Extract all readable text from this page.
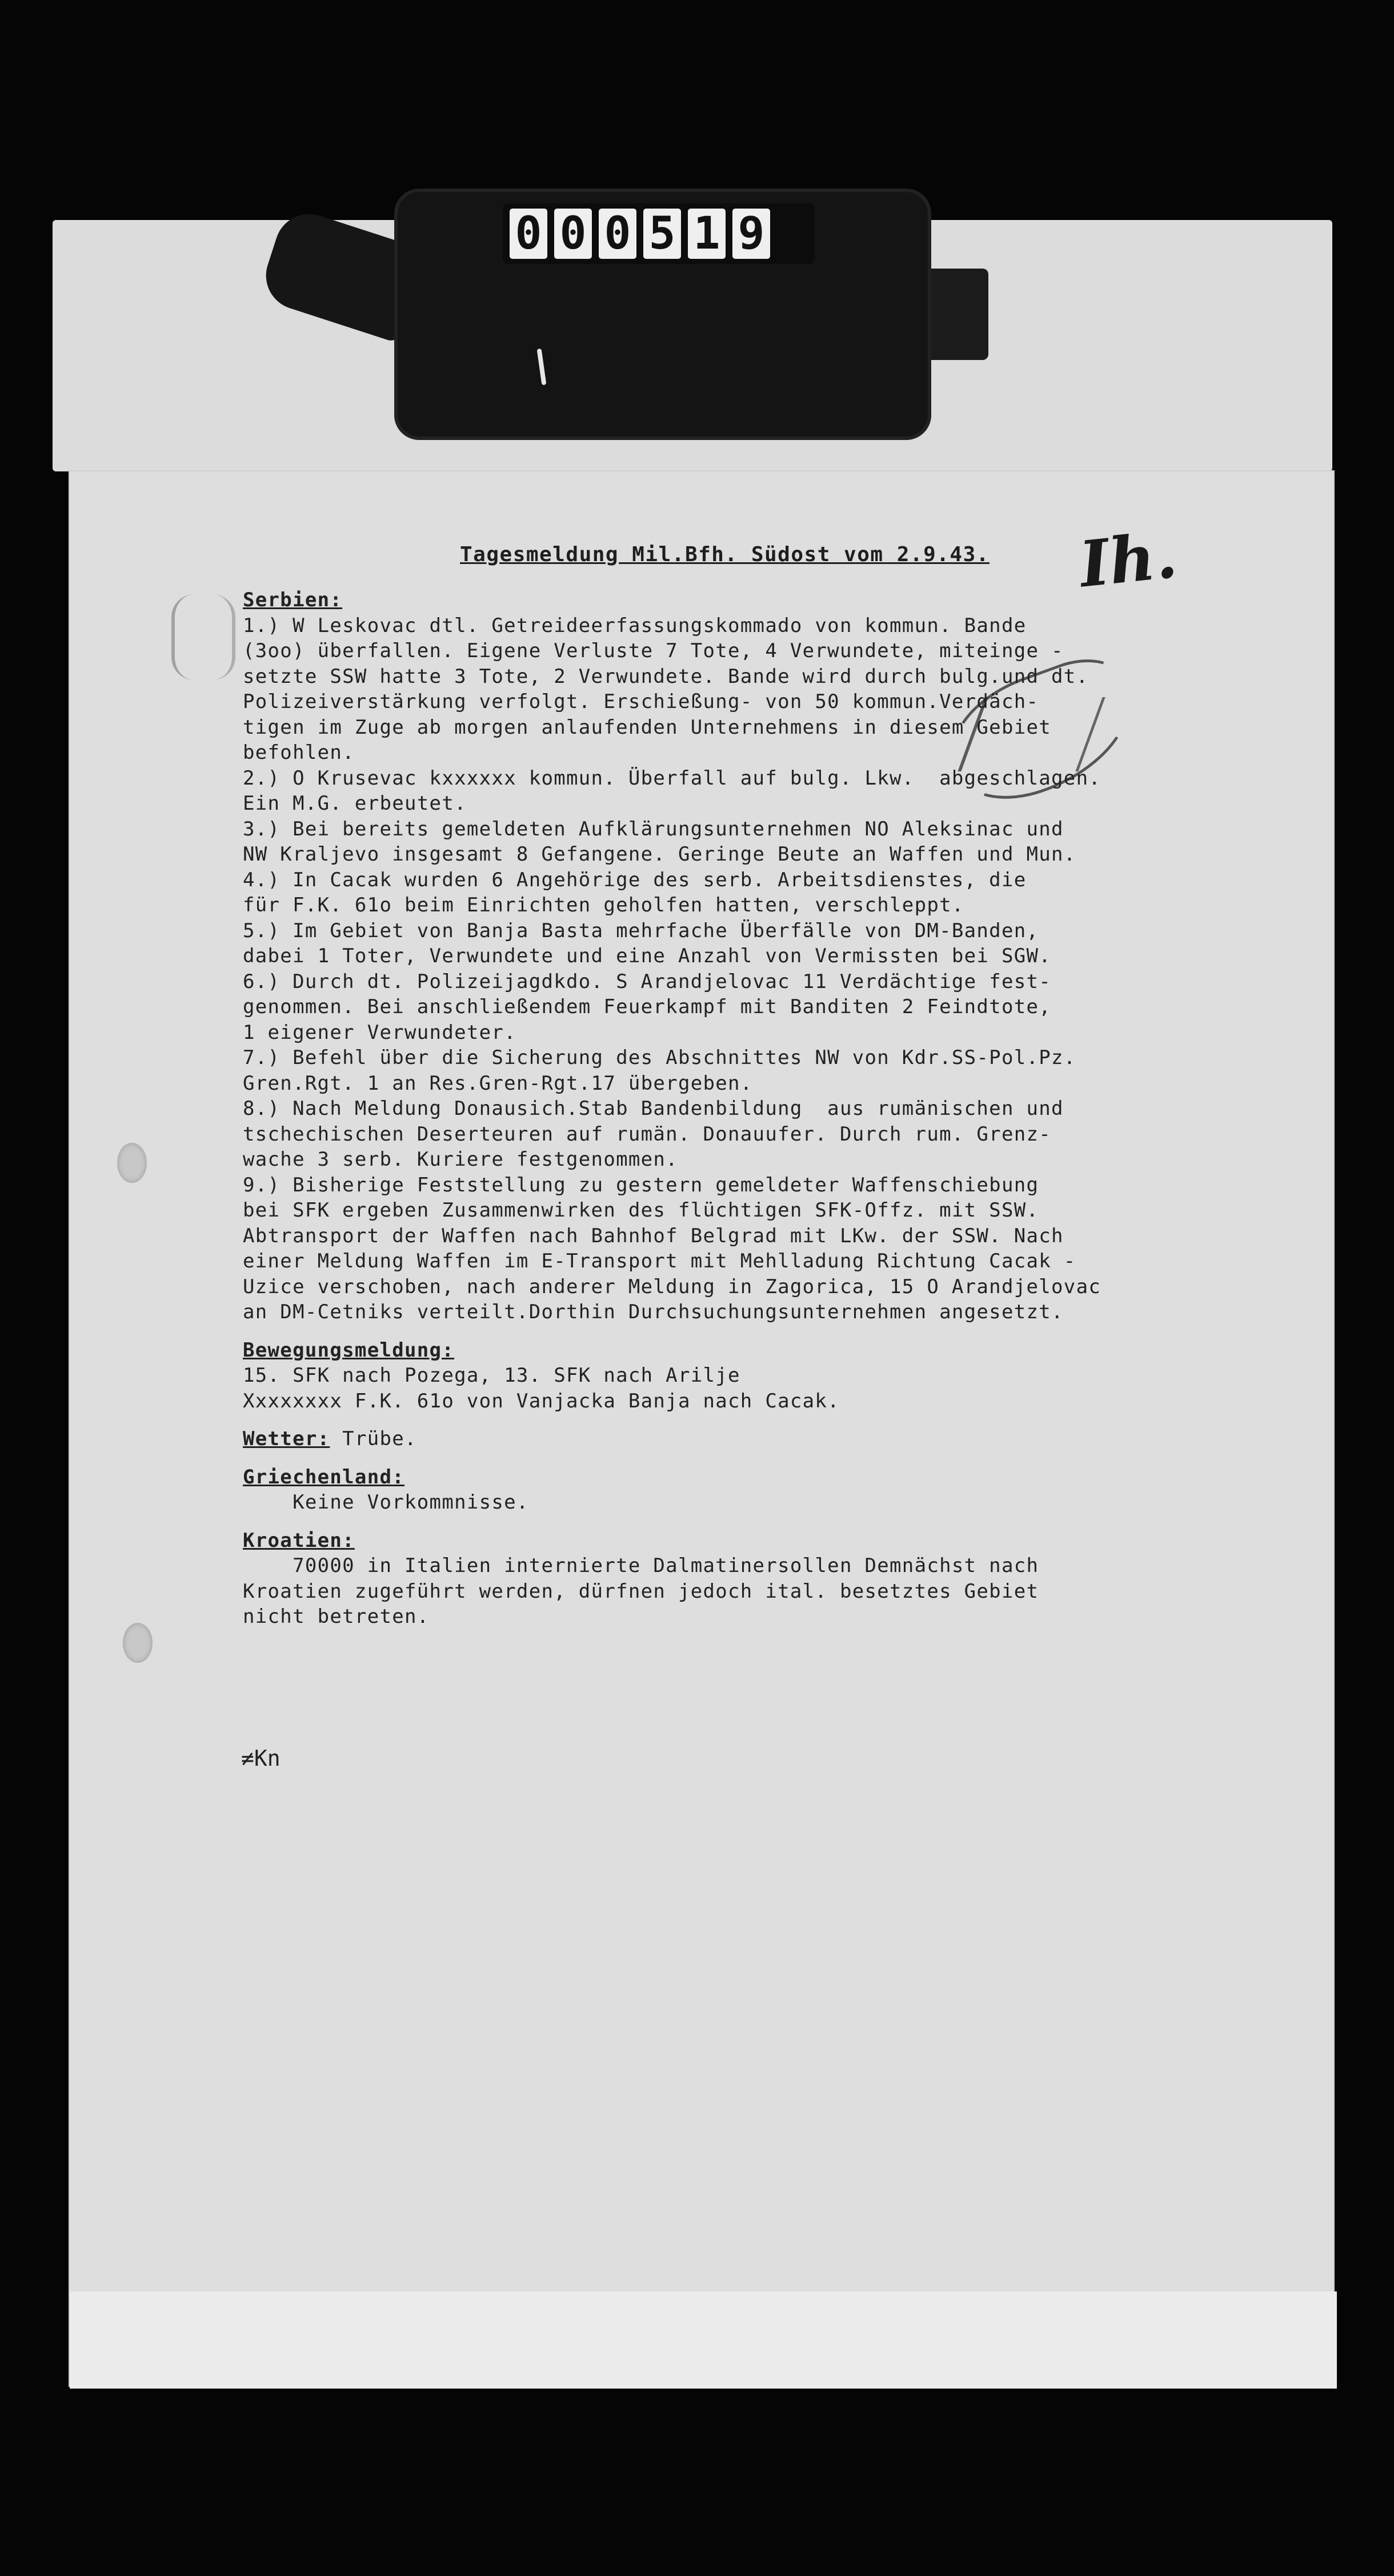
0 0 0 5 1 9
Tagesmeldung Mil.Bfh. Südost vom 2.9.43. Ih.
Serbien:
1.) W Leskovac dtl. Getreideerfassungskommado von kommun. Bande
(3oo) überfallen. Eigene Verluste 7 Tote, 4 Verwundete, miteinge -
setzte SSW hatte 3 Tote, 2 Verwundete. Bande wird durch bulg.und dt.
Polizeiverstärkung verfolgt. Erschießung- von 50 kommun.Verdäch-
tigen im Zuge ab morgen anlaufenden Unternehmens in diesem Gebiet
befohlen.
2.) O Krusevac kxxxxxx kommun. Überfall auf bulg. Lkw.  abgeschlagen.
Ein M.G. erbeutet.
3.) Bei bereits gemeldeten Aufklärungsunternehmen NO Aleksinac und
NW Kraljevo insgesamt 8 Gefangene. Geringe Beute an Waffen und Mun.
4.) In Cacak wurden 6 Angehörige des serb. Arbeitsdienstes, die
für F.K. 61o beim Einrichten geholfen hatten, verschleppt.
5.) Im Gebiet von Banja Basta mehrfache Überfälle von DM-Banden,
dabei 1 Toter, Verwundete und eine Anzahl von Vermissten bei SGW.
6.) Durch dt. Polizeijagdkdo. S Arandjelovac 11 Verdächtige fest-
genommen. Bei anschließendem Feuerkampf mit Banditen 2 Feindtote,
1 eigener Verwundeter.
7.) Befehl über die Sicherung des Abschnittes NW von Kdr.SS-Pol.Pz.
Gren.Rgt. 1 an Res.Gren-Rgt.17 übergeben.
8.) Nach Meldung Donausich.Stab Bandenbildung  aus rumänischen und
tschechischen Deserteuren auf rumän. Donauufer. Durch rum. Grenz-
wache 3 serb. Kuriere festgenommen.
9.) Bisherige Feststellung zu gestern gemeldeter Waffenschiebung
bei SFK ergeben Zusammenwirken des flüchtigen SFK-Offz. mit SSW.
Abtransport der Waffen nach Bahnhof Belgrad mit LKw. der SSW. Nach
einer Meldung Waffen im E-Transport mit Mehlladung Richtung Cacak -
Uzice verschoben, nach anderer Meldung in Zagorica, 15 O Arandjelovac
an DM-Cetniks verteilt.Dorthin Durchsuchungsunternehmen angesetzt.
Bewegungsmeldung:
15. SFK nach Pozega, 13. SFK nach Arilje
Xxxxxxxx F.K. 61o von Vanjacka Banja nach Cacak.
Wetter: Trübe.
Griechenland:
Keine Vorkommnisse.
Kroatien:
70000 in Italien internierte Dalmatinersollen Demnächst nach
Kroatien zugeführt werden, dürfnen jedoch ital. besetztes Gebiet
nicht betreten.
≠Kn
